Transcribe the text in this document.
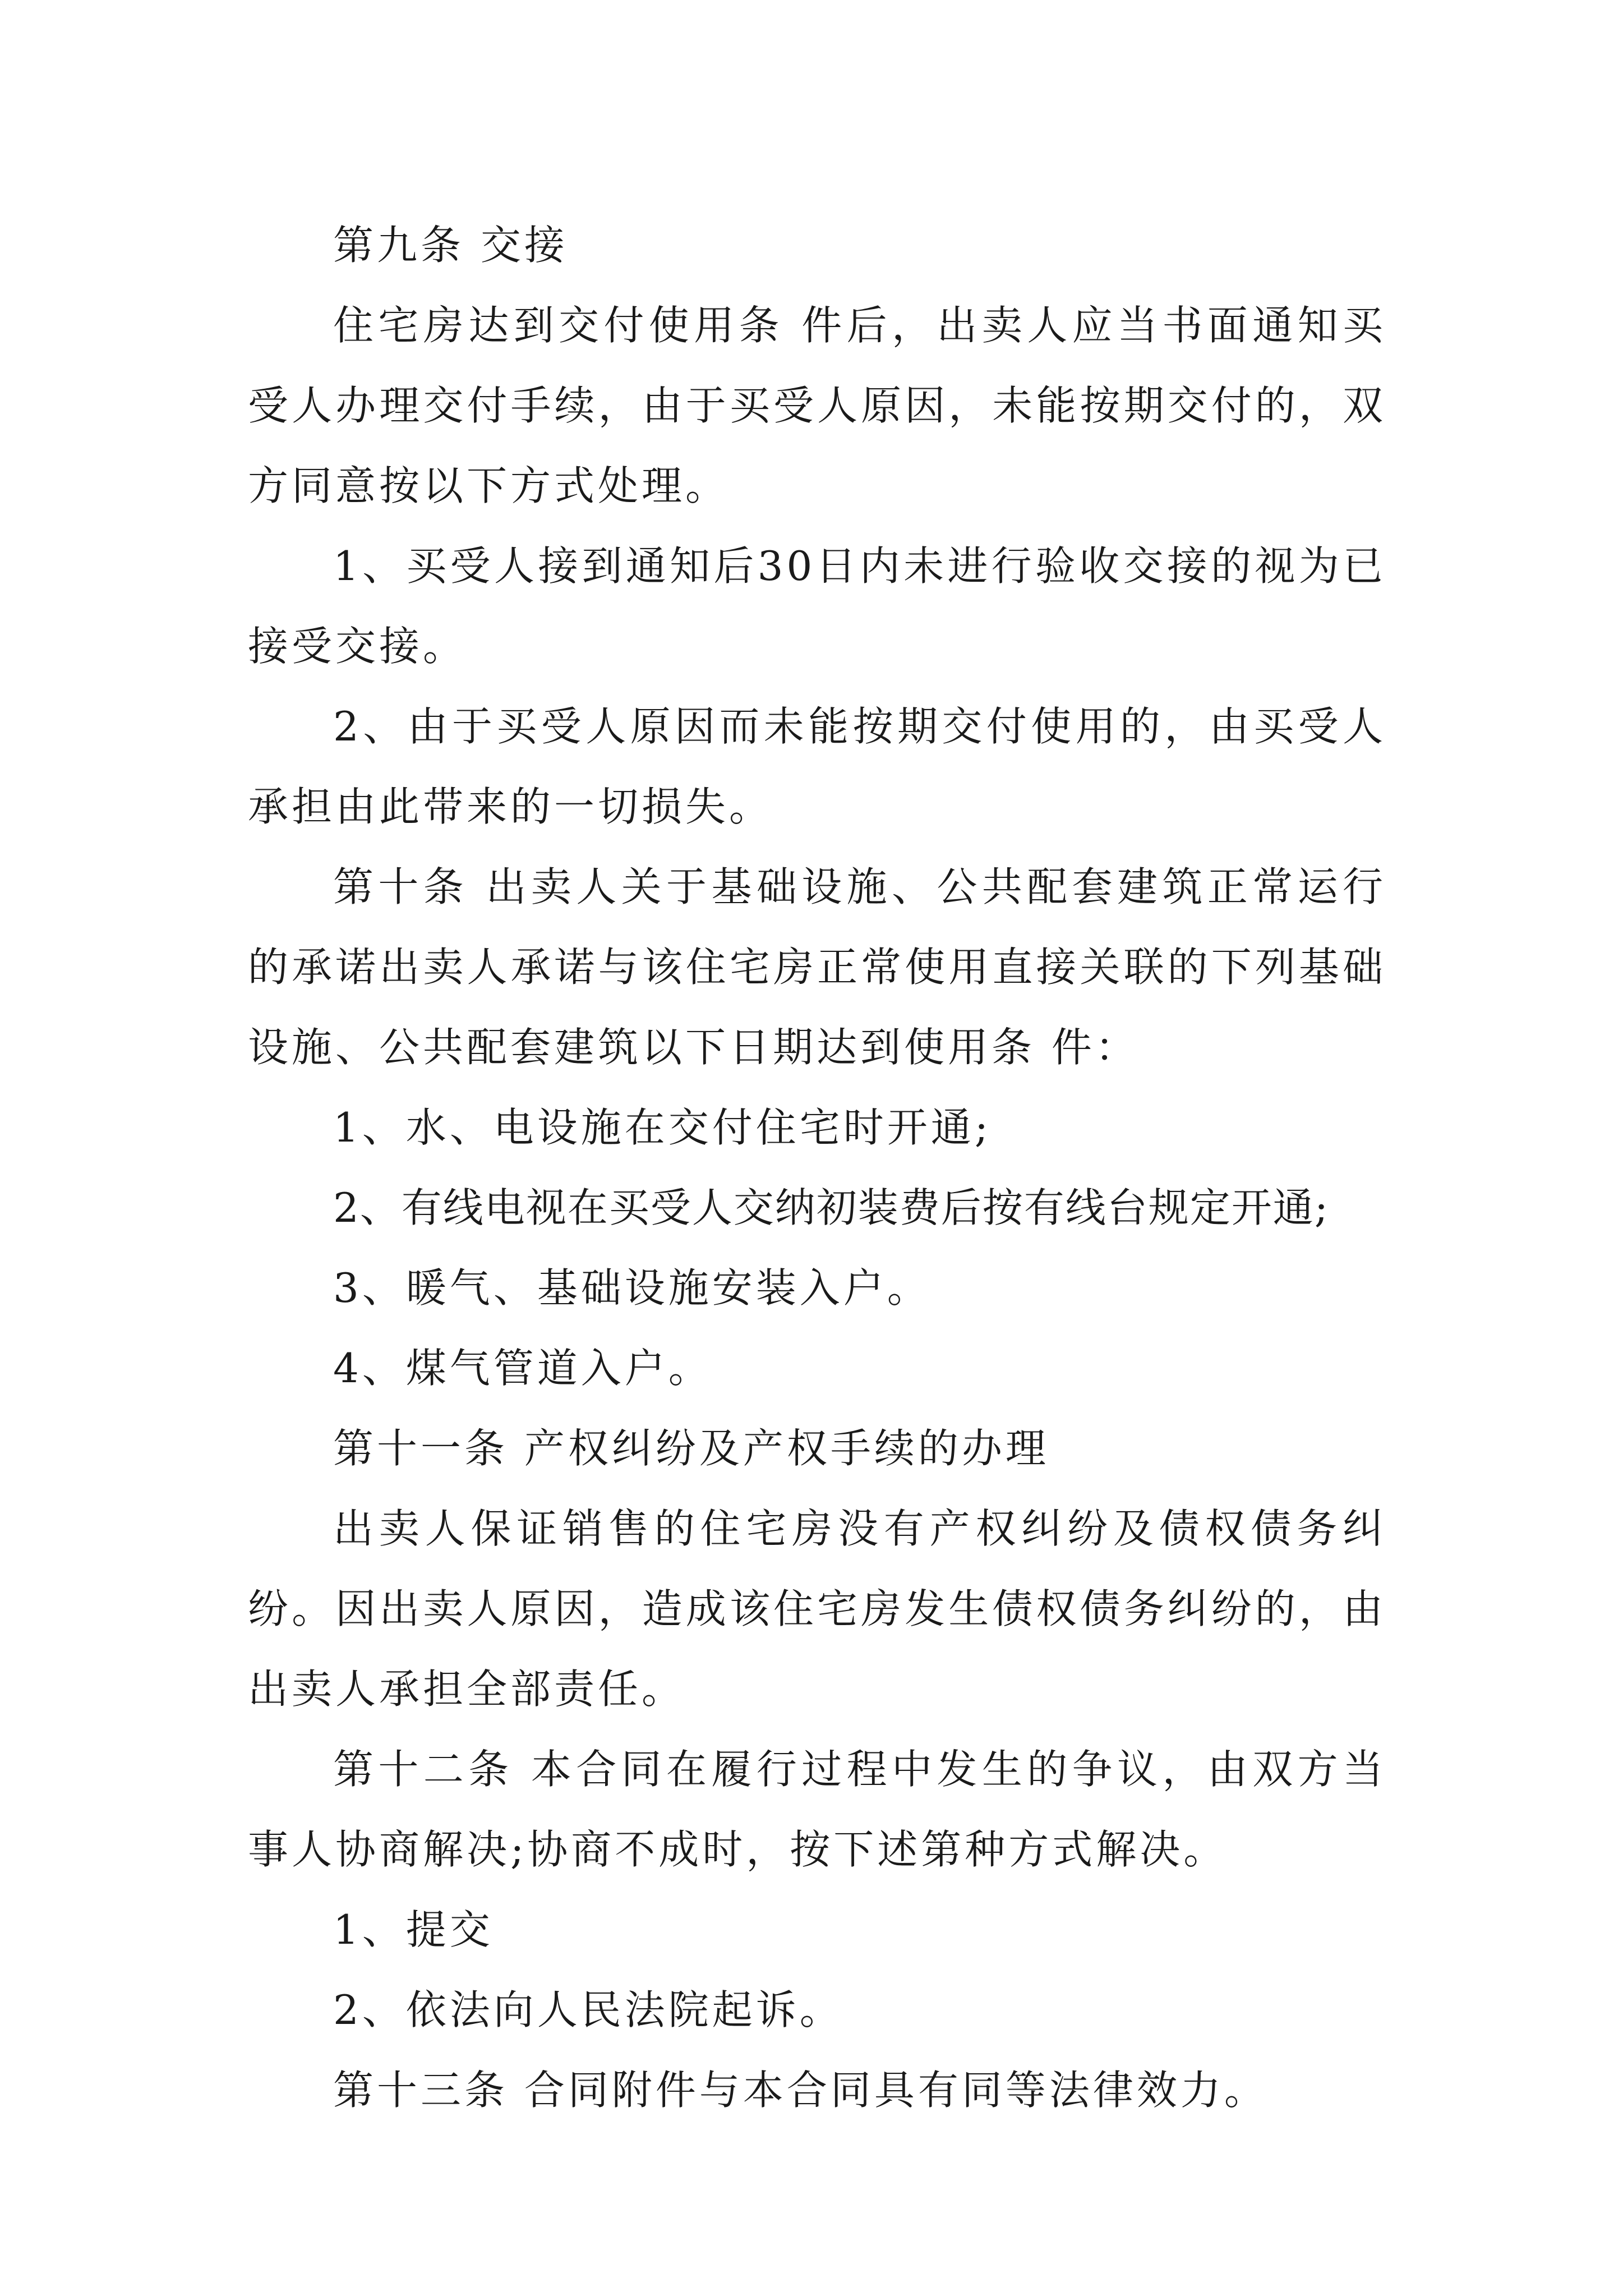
第九条 交接

住宅房达到交付使用条 件后，出卖人应当书面通知买受人办理交付手续，由于买受人原因，未能按期交付的，双方同意按以下方式处理。

1、买受人接到通知后30日内未进行验收交接的视为已接受交接。

2、由于买受人原因而未能按期交付使用的，由买受人承担由此带来的一切损失。

第十条 出卖人关于基础设施、公共配套建筑正常运行的承诺出卖人承诺与该住宅房正常使用直接关联的下列基础设施、公共配套建筑以下日期达到使用条 件：

1、水、电设施在交付住宅时开通;

2、有线电视在买受人交纳初装费后按有线台规定开通;

3、暖气、基础设施安装入户。

4、煤气管道入户。

第十一条 产权纠纷及产权手续的办理

出卖人保证销售的住宅房没有产权纠纷及债权债务纠纷。因出卖人原因，造成该住宅房发生债权债务纠纷的，由出卖人承担全部责任。

第十二条 本合同在履行过程中发生的争议，由双方当事人协商解决;协商不成时，按下述第种方式解决。

1、提交

2、依法向人民法院起诉。

第十三条 合同附件与本合同具有同等法律效力。
